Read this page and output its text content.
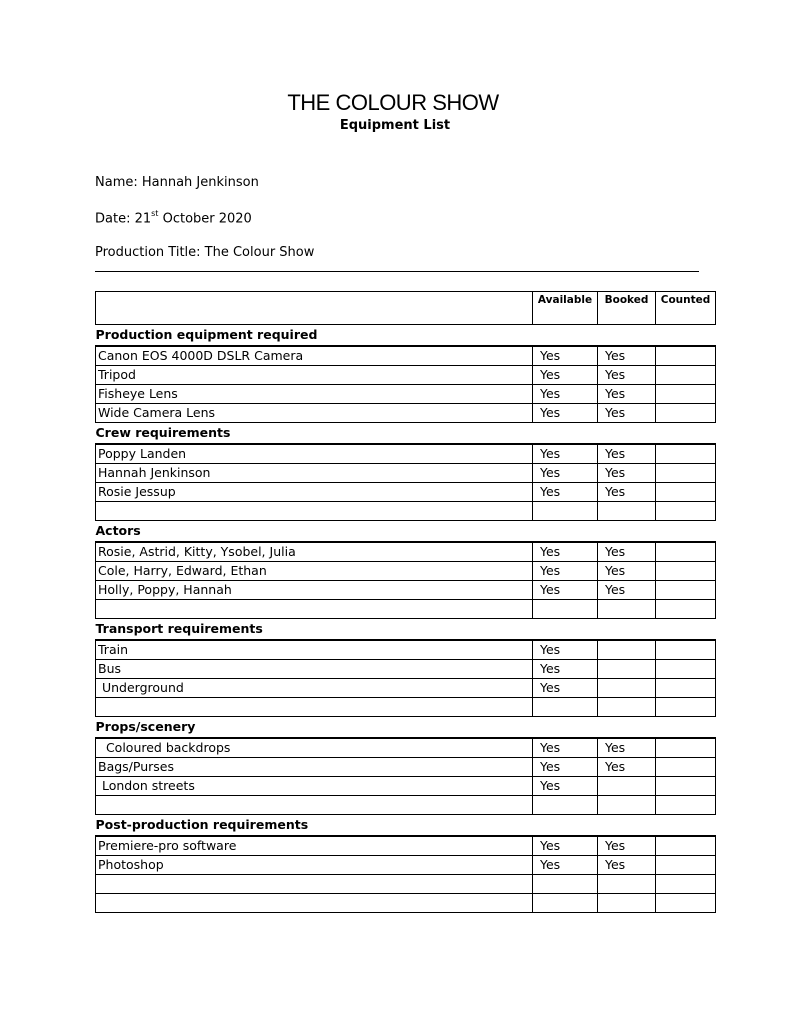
THE COLOUR SHOW
Equipment List
Name: Hannah Jenkinson
Date: 21st October 2020
Production Title: The Colour Show
	Available	Booked	Counted
Production equipment required			
Canon EOS 4000D DSLR Camera	Yes	Yes	
Tripod	Yes	Yes	
Fisheye Lens	Yes	Yes	
Wide Camera Lens	Yes	Yes	
Crew requirements			
Poppy Landen	Yes	Yes	
Hannah Jenkinson	Yes	Yes	
Rosie Jessup	Yes	Yes	

Actors			
Rosie, Astrid, Kitty, Ysobel, Julia	Yes	Yes	
Cole, Harry, Edward, Ethan	Yes	Yes	
Holly, Poppy, Hannah	Yes	Yes	

Transport requirements			
Train	Yes		
Bus	Yes		
Underground	Yes		

Props/scenery			
Coloured backdrops	Yes	Yes	
Bags/Purses	Yes	Yes	
London streets	Yes		

Post-production requirements			
Premiere-pro software	Yes	Yes	
Photoshop	Yes	Yes	
